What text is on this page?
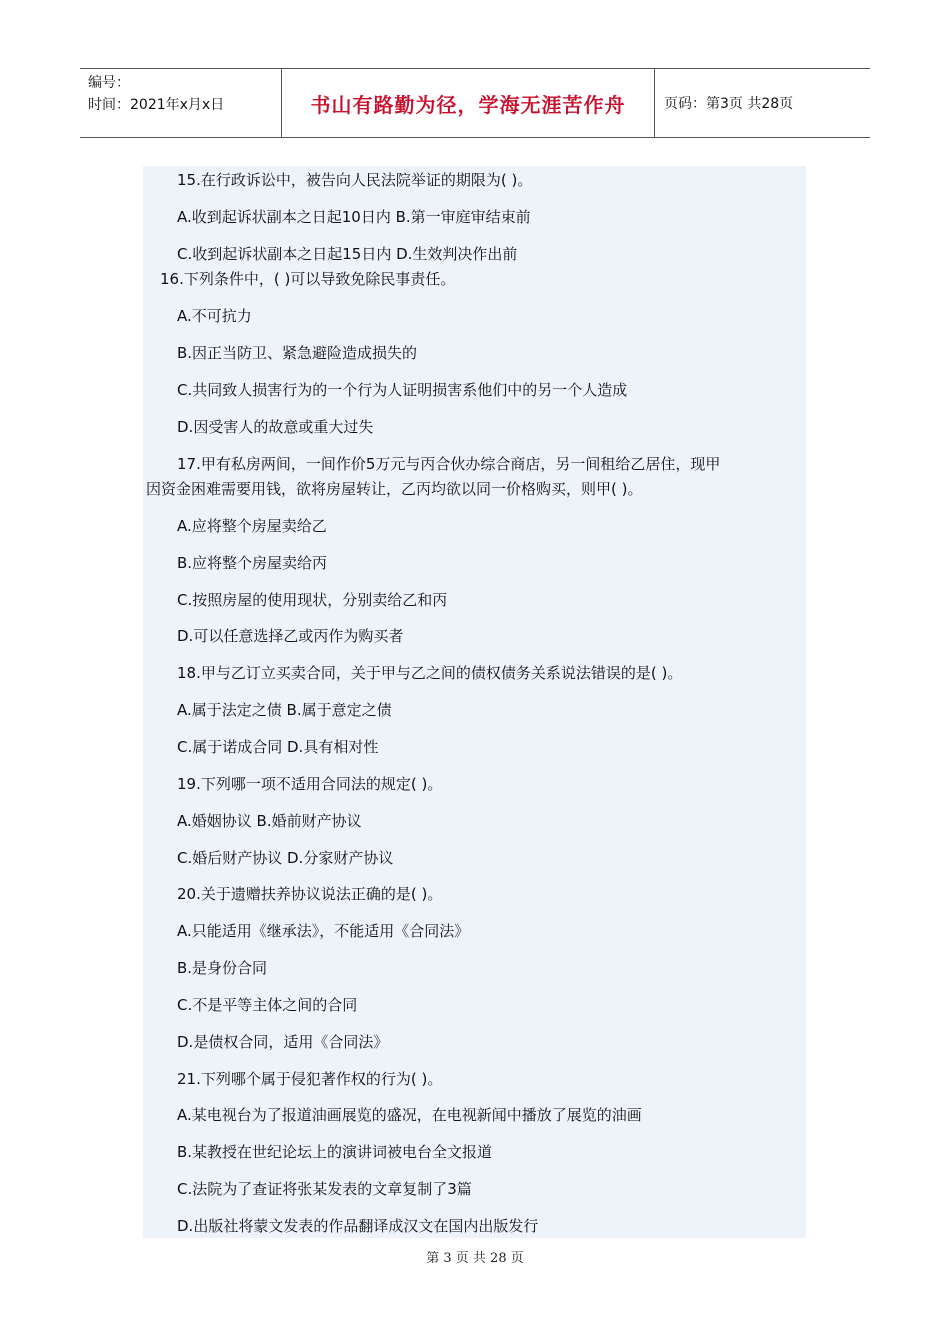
编号：
时间：2021年x月x日	书山有路勤为径，学海无涯苦作舟	页码：第3页 共28页
15.在行政诉讼中，被告向人民法院举证的期限为( )。
A.收到起诉状副本之日起10日内 B.第一审庭审结束前
C.收到起诉状副本之日起15日内 D.生效判决作出前
16.下列条件中，( )可以导致免除民事责任。
A.不可抗力
B.因正当防卫、紧急避险造成损失的
C.共同致人损害行为的一个行为人证明损害系他们中的另一个人造成
D.因受害人的故意或重大过失
17.甲有私房两间，一间作价5万元与丙合伙办综合商店，另一间租给乙居住，现甲
因资金困难需要用钱，欲将房屋转让，乙丙均欲以同一价格购买，则甲( )。
A.应将整个房屋卖给乙
B.应将整个房屋卖给丙
C.按照房屋的使用现状，分别卖给乙和丙
D.可以任意选择乙或丙作为购买者
18.甲与乙订立买卖合同，关于甲与乙之间的债权债务关系说法错误的是( )。
A.属于法定之债 B.属于意定之债
C.属于诺成合同 D.具有相对性
19.下列哪一项不适用合同法的规定( )。
A.婚姻协议 B.婚前财产协议
C.婚后财产协议 D.分家财产协议
20.关于遗赠扶养协议说法正确的是( )。
A.只能适用《继承法》，不能适用《合同法》
B.是身份合同
C.不是平等主体之间的合同
D.是债权合同，适用《合同法》
21.下列哪个属于侵犯著作权的行为( )。
A.某电视台为了报道油画展览的盛况，在电视新闻中播放了展览的油画
B.某教授在世纪论坛上的演讲词被电台全文报道
C.法院为了查证将张某发表的文章复制了3篇
D.出版社将蒙文发表的作品翻译成汉文在国内出版发行
第 3 页 共 28 页
